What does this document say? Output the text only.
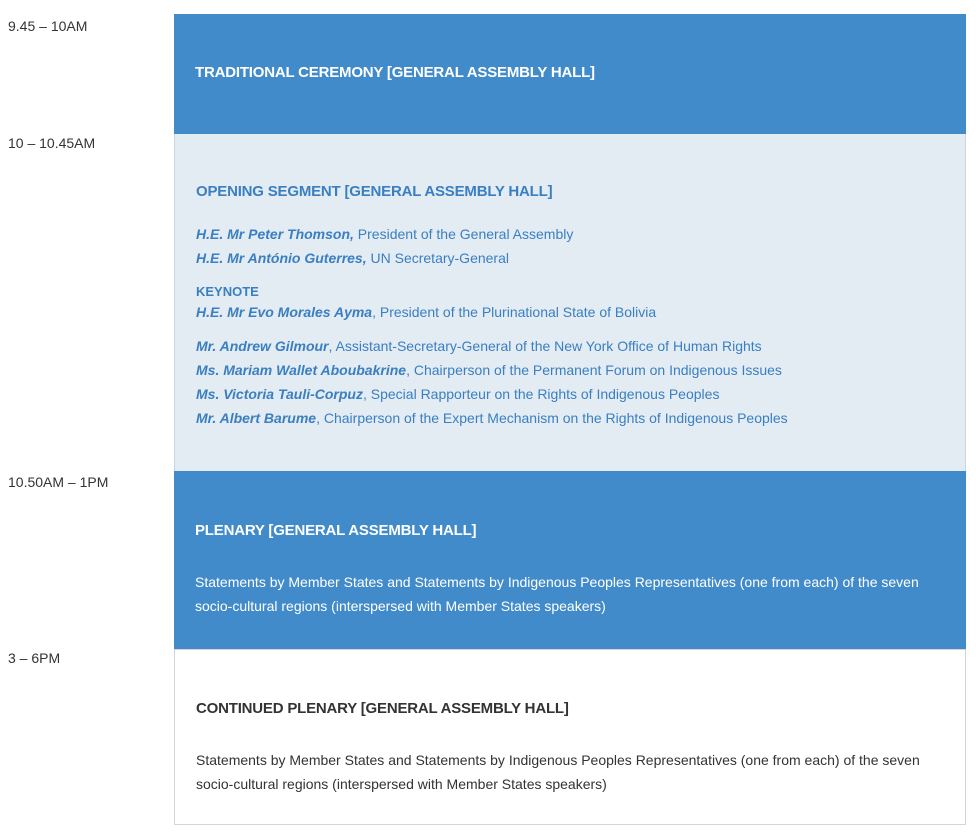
9.45 – 10AM

TRADITIONAL CEREMONY [GENERAL ASSEMBLY HALL]

10 – 10.45AM

OPENING SEGMENT [GENERAL ASSEMBLY HALL]

H.E. Mr Peter Thomson, President of the General Assembly

H.E. Mr António Guterres, UN Secretary-General

KEYNOTE

H.E. Mr Evo Morales Ayma, President of the Plurinational State of Bolivia

Mr. Andrew Gilmour, Assistant-Secretary-General of the New York Office of Human Rights

Ms. Mariam Wallet Aboubakrine, Chairperson of the Permanent Forum on Indigenous Issues

Ms. Victoria Tauli-Corpuz, Special Rapporteur on the Rights of Indigenous Peoples

Mr. Albert Barume, Chairperson of the Expert Mechanism on the Rights of Indigenous Peoples

10.50AM – 1PM

PLENARY [GENERAL ASSEMBLY HALL]

Statements by Member States and Statements by Indigenous Peoples Representatives (one from each) of the seven

socio-cultural regions (interspersed with Member States speakers)

3 – 6PM

CONTINUED PLENARY [GENERAL ASSEMBLY HALL]

Statements by Member States and Statements by Indigenous Peoples Representatives (one from each) of the seven

socio-cultural regions (interspersed with Member States speakers)
